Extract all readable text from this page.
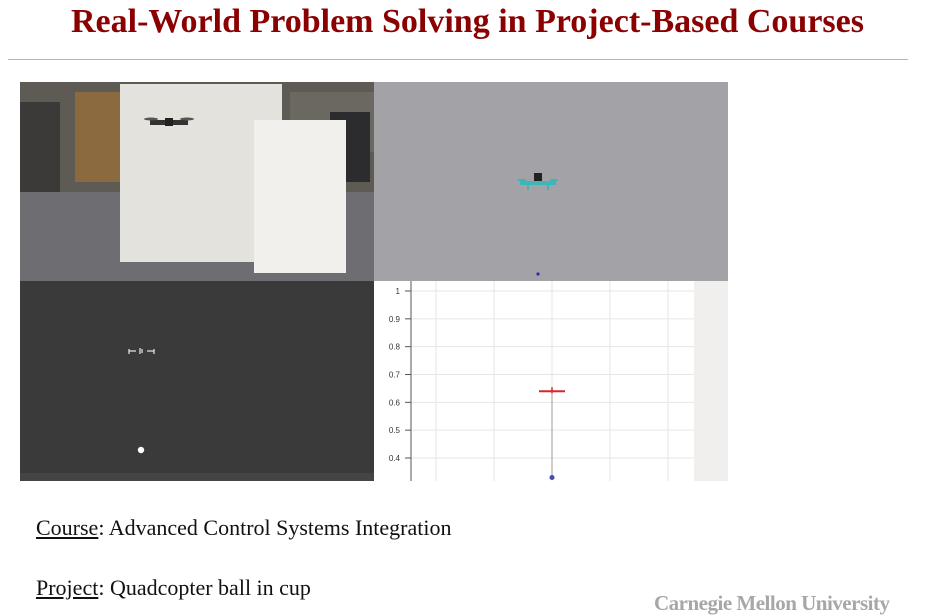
Real-World Problem Solving in Project-Based Courses
0.4
0.5
0.6
0.7
0.8
0.9
1
Course: Advanced Control Systems Integration
Project: Quadcopter ball in cup
Carnegie Mellon University
